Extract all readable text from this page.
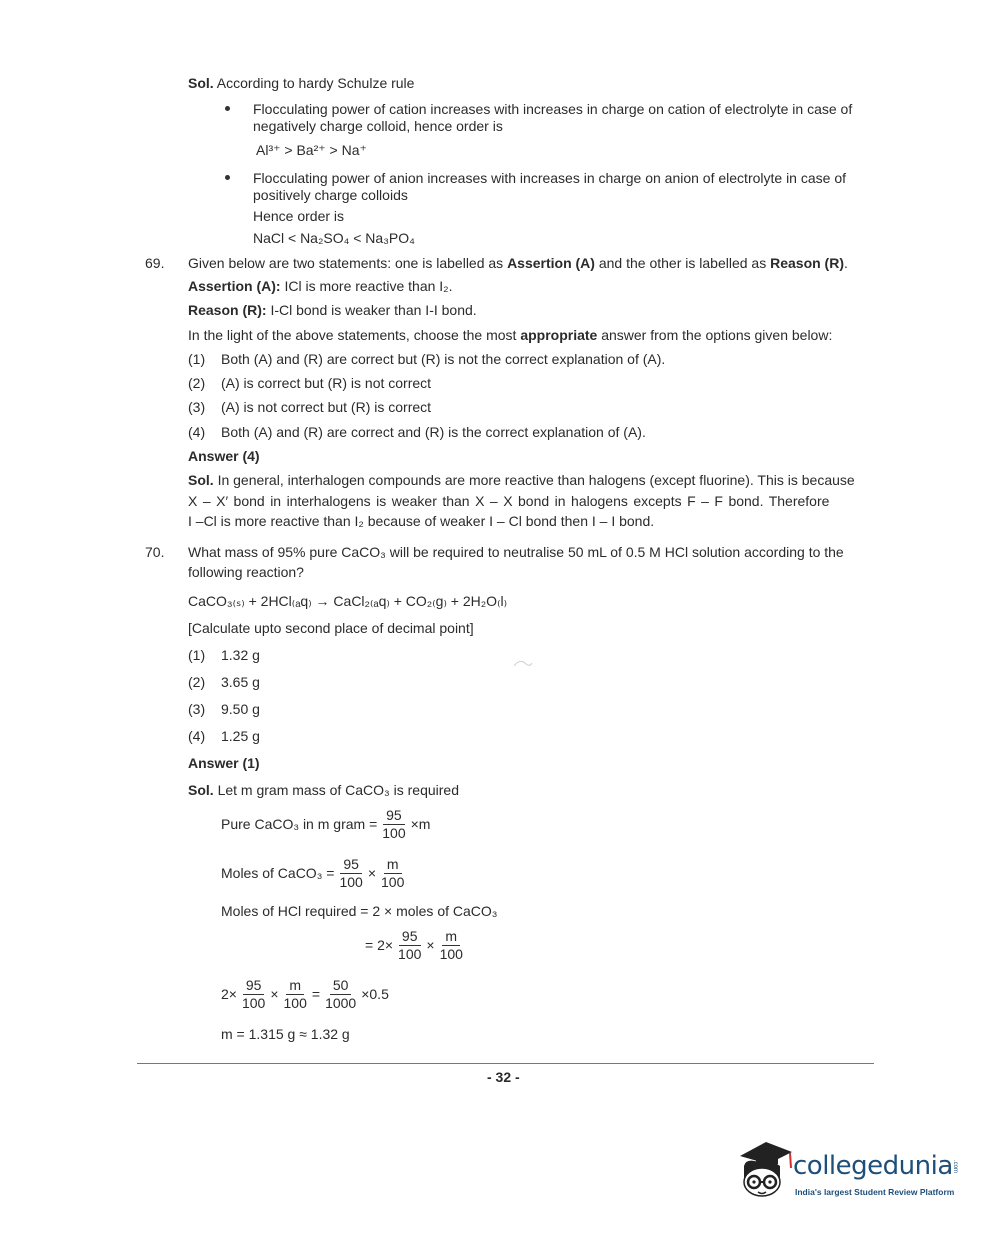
Sol. According to hardy Schulze rule
Flocculating power of cation increases with increases in charge on cation of electrolyte in case of
negatively charge colloid, hence order is
Al³⁺ > Ba²⁺ > Na⁺
Flocculating power of anion increases with increases in charge on anion of electrolyte in case of
positively charge colloids
Hence order is
NaCl < Na₂SO₄ < Na₃PO₄
69. Given below are two statements: one is labelled as Assertion (A) and the other is labelled as Reason (R).
Assertion (A): ICl is more reactive than I₂.
Reason (R): I-Cl bond is weaker than I-I bond.
In the light of the above statements, choose the most appropriate answer from the options given below:
(1) Both (A) and (R) are correct but (R) is not the correct explanation of (A).
(2) (A) is correct but (R) is not correct
(3) (A) is not correct but (R) is correct
(4) Both (A) and (R) are correct and (R) is the correct explanation of (A).
Answer (4)
Sol. In general, interhalogen compounds are more reactive than halogens (except fluorine). This is because
X – X′ bond in interhalogens is weaker than X – X bond in halogens excepts F – F bond. Therefore
I –Cl is more reactive than I₂ because of weaker I – Cl bond then I – I bond.
70. What mass of 95% pure CaCO₃ will be required to neutralise 50 mL of 0.5 M HCl solution according to the
following reaction?
CaCO₃₍ₛ₎ + 2HCl₍ₐq₎ → CaCl₂₍ₐq₎ + CO₂₍g₎ + 2H₂O₍l₎
[Calculate upto second place of decimal point]
(1) 1.32 g
(2) 3.65 g
(3) 9.50 g
(4) 1.25 g
Answer (1)
Sol. Let m gram mass of CaCO₃ is required
Pure CaCO₃ in m gram = $\frac{95}{100} \times m$
Moles of CaCO₃ = $\frac{95}{100} \times \frac{m}{100}$
Moles of HCl required = 2 × moles of CaCO₃
= $2\times \frac{95}{100} \times \frac{m}{100}$
$2\times \frac{95}{100} \times \frac{m}{100} = \frac{50}{1000} \times 0.5$
m = 1.315 g ≈ 1.32 g
- 32 -
collegedunia .com
India's largest Student Review Platform
